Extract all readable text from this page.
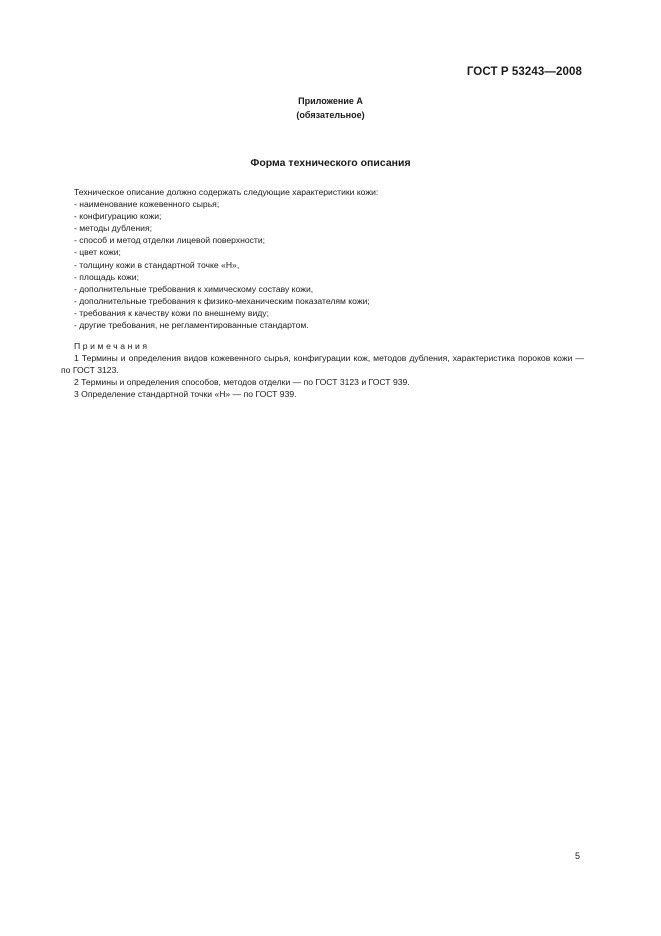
ГОСТ Р 53243—2008
Приложение А
(обязательное)
Форма технического описания
Техническое описание должно содержать следующие характеристики кожи:
- наименование кожевенного сырья;
- конфигурацию кожи;
- методы дубления;
- способ и метод отделки лицевой поверхности;
- цвет кожи;
- толщину кожи в стандартной точке «Н»,
- площадь кожи;
- дополнительные требования к химическому составу кожи,
- дополнительные требования к физико-механическим показателям кожи;
- требования к качеству кожи по внешнему виду;
- другие требования, не регламентированные стандартом.
Примечания

1 Термины и определения видов кожевенного сырья, конфигурации кож, методов дубления, характеристика пороков кожи — по ГОСТ 3123.

2 Термины и определения способов, методов отделки — по ГОСТ 3123 и ГОСТ 939.

3 Определение стандартной точки «Н» — по ГОСТ 939.

5
